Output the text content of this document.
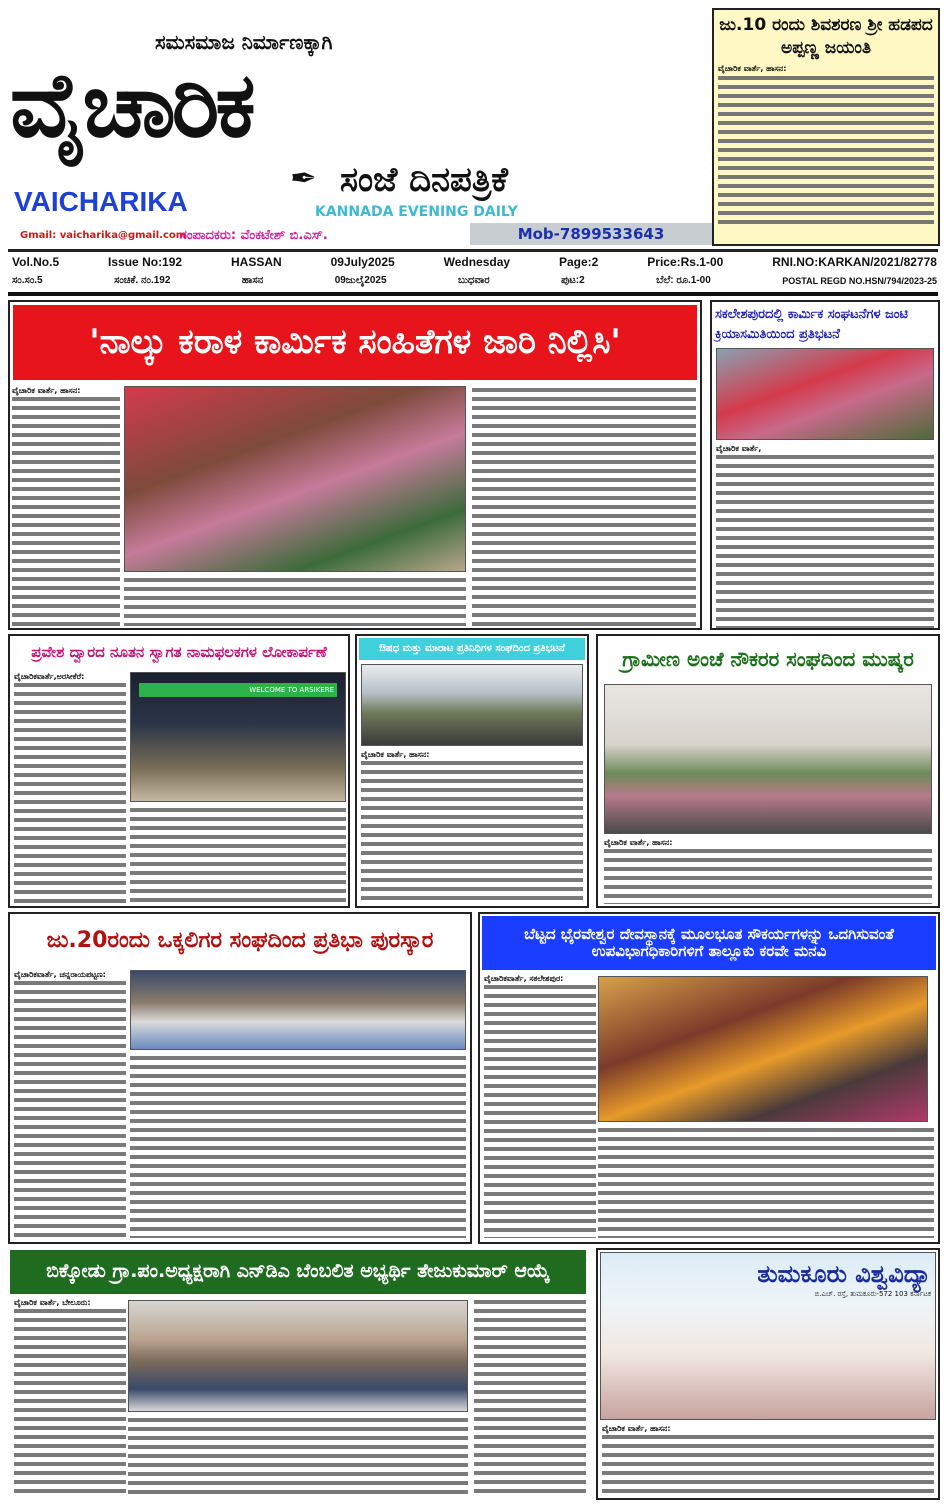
ಸಮಸಮಾಜ ನಿರ್ಮಾಣಕ್ಕಾಗಿ
ವೈಚಾರಿಕ
✒ ಸಂಜೆ ದಿನಪತ್ರಿಕೆ
VAICHARIKA	KANNADA EVENING DAILY
Gmail: vaicharika@gmail.com
ಸಂಪಾದಕರು: ವೆಂಕಟೇಶ್ ಬಿ.ಎಸ್.	Mob-7899533643
ಜು.10 ರಂದು ಶಿವಶರಣ ಶ್ರೀ ಹಡಪದ ಅಪ್ಪಣ್ಣ ಜಯಂತಿ
ವೈಚಾರಿಕ ವಾರ್ತೆ, ಹಾಸನ:
Vol.No.5	Issue No:192	HASSAN	09July2025	Wednesday	Page:2	Price:Rs.1-00	RNI.NO:KARKAN/2021/82778
ಸಂ.ಸಂ.5	ಸಂಚಿಕೆ. ನಂ.192	ಹಾಸನ	09ಜುಲೈ2025	ಬುಧವಾರ	ಪುಟ:2	ಬೆಲೆ: ರೂ.1-00	POSTAL REGD NO.HSN/794/2023-25
'ನಾಲ್ಕು ಕರಾಳ ಕಾರ್ಮಿಕ ಸಂಹಿತೆಗಳ ಜಾರಿ ನಿಲ್ಲಿಸಿ'
ವೈಚಾರಿಕ ವಾರ್ತೆ, ಹಾಸನ:
ಸಕಲೇಶಪುರದಲ್ಲಿ ಕಾರ್ಮಿಕ ಸಂಘಟನೆಗಳ ಜಂಟಿ ಕ್ರಿಯಾಸಮಿತಿಯಿಂದ ಪ್ರತಿಭಟನೆ
ವೈಚಾರಿಕ ವಾರ್ತೆ,
ಪ್ರವೇಶ ದ್ವಾರದ ನೂತನ ಸ್ವಾಗತ ನಾಮಫಲಕಗಳ ಲೋಕಾರ್ಪಣೆ
ವೈಚಾರಿಕವಾರ್ತೆ,ಅರಸೀಕೆರೆ:
WELCOME TO ARSIKERE
ಔಷಧ ಮತ್ತು ಮಾರಾಟ ಪ್ರತಿನಿಧಿಗಳ ಸಂಘದಿಂದ ಪ್ರತಿಭಟನೆ
ವೈಚಾರಿಕ ವಾರ್ತೆ, ಹಾಸನ:
ಗ್ರಾಮೀಣ ಅಂಚೆ ನೌಕರರ ಸಂಘದಿಂದ ಮುಷ್ಕರ
ವೈಚಾರಿಕ ವಾರ್ತೆ, ಹಾಸನ:
ಜು.20ರಂದು ಒಕ್ಕಲಿಗರ ಸಂಘದಿಂದ ಪ್ರತಿಭಾ ಪುರಸ್ಕಾರ
ವೈಚಾರಿಕವಾರ್ತೆ, ಚನ್ನರಾಯಪಟ್ಟಣ:
ಬೆಟ್ಟದ ಭೈರವೇಶ್ವರ ದೇವಸ್ಥಾನಕ್ಕೆ ಮೂಲಭೂತ ಸೌಕರ್ಯಗಳನ್ನು ಒದಗಿಸುವಂತೆ ಉಪವಿಭಾಗಧಿಕಾರಿಗಳಿಗೆ ತಾಲ್ಲೂಕು ಕರವೇ ಮನವಿ
ವೈಚಾರಿಕವಾರ್ತೆ, ಸಕಲೇಶಪುರ:
ಬಿಕ್ಕೋಡು ಗ್ರಾ.ಪಂ.ಅಧ್ಯಕ್ಷರಾಗಿ ಎನ್‌ಡಿಎ ಬೆಂಬಲಿತ ಅಭ್ಯರ್ಥಿ ತೇಜುಕುಮಾರ್ ಆಯ್ಕೆ
ವೈಚಾರಿಕ ವಾರ್ತೆ, ಬೇಲೂರು:
ತುಮಕೂರು ವಿಶ್ವವಿದ್ಯಾ
ಬಿ.ಎಚ್. ರಸ್ತೆ, ತುಮಕೂರು-572 103 ಕರ್ನಾಟಕ
ವೈಚಾರಿಕ ವಾರ್ತೆ, ಹಾಸನ:
